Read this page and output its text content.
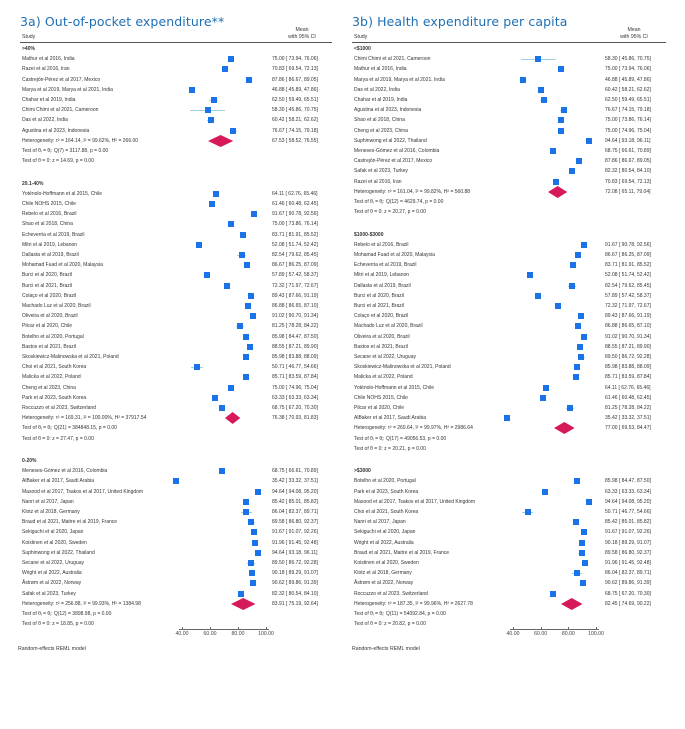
3a) Out-of-pocket expenditure**
Study
Mean
with 95% CI
>40%
Mathur et al 2016, India	75.00 [ 73.94, 76.06]
Razei et al 2016, Iran	70.83 [ 69.54, 72.13]
Castrejón-Pérez et al 2017, Mexico	87.86 [ 86.67, 89.05]
Marya et al 2019, Marya et al 2021, India	46.88 [ 45.89, 47.86]
Chahar et al 2019, India	62.50 [ 59.49, 65.51]
Chimi Chimi et al 2021, Cameroon	58.30 [ 45.86, 70.75]
Das et al 2022, India	60.42 [ 58.21, 62.62]
Agustina et al 2023, Indonesia	76.67 [ 74.15, 79.18]
Heterogeneity: τ² = 164.14, I² = 99.62%, H² = 266.00	67.53 [ 58.52, 76.55]
Test of θᵢ = θⱼ: Q(7) = 3117.88, p = 0.00
Test of θ = 0: z = 14.69, p = 0.00
20.1-40%
Yoténolo-Hoffmann et al 2015, Chile	64.11 [ 62.76, 65.46]
Chile NOHS 2015, Chile	61.46 [ 60.48, 62.45]
Rebelo et al 2016, Brazil	91.67 [ 90.78, 92.56]
Shao et al 2018, China	75.00 [ 73.86, 76.14]
Echeverria et al 2019, Brazil	83.71 [ 81.91, 85.52]
Mitri et al 2019, Lebanon	52.08 [ 51.74, 52.42]
Dallasta et al 2019, Brazil	82.54 [ 79.62, 85.45]
Mohamad Fuad et al 2020, Malaysia	86.67 [ 86.25, 87.09]
Burci et al 2020, Brazil	57.89 [ 57.42, 58.37]
Burci et al 2021, Brazil	72.32 [ 71.97, 72.67]
Colaço et al 2020, Brazil	89.43 [ 87.66, 91.19]
Machado Luz et al 2020, Brazil	86.88 [ 86.65, 87.10]
Oliveira et al 2020, Brazil	91.02 [ 90.70, 91.34]
Pilcar et al 2020, Chile	81.25 [ 78.28, 84.22]
Botelho et al 2020, Portugal	85.98 [ 84.47, 87.50]
Bastos et al 2021, Brazil	88.55 [ 87.21, 89.90]
Skoskiewicz-Malinowska et al 2021, Poland	85.98 [ 83.88, 88.09]
Choi et al 2021, South Korea	50.71 [ 46.77, 54.66]
Malicka et al 2022, Poland	85.71 [ 83.59, 87.84]
Cheng et al 2023, China	75.00 [ 74.96, 75.04]
Park et al 2023, South Korea	63.33 [ 63.33, 63.34]
Roccuzzo et al 2023, Switzerland	68.75 [ 67.20, 70.30]
Heterogeneity: τ² = 169.31, I² = 100.00%, H² = 37917.54	76.38 [ 70.93, 81.83]
Test of θᵢ = θⱼ: Q(21) = 384848.15, p = 0.00
Test of θ = 0: z = 27.47, p = 0.00
0-20%
Meneses-Gómez et al 2016, Colombia	68.75 [ 66.61, 70.89]
AlBaker et al 2017, Saudi Arabia	35.42 [ 33.32, 37.51]
Masood et al 2017, Tsakos et al 2017, United Kingdom	94.64 [ 94.08, 95.20]
Nanri et al 2017, Japan	85.42 [ 85.01, 85.82]
Klotz et al 2018, Germany	86.04 [ 82.37, 89.71]
Braud et al 2021, Maitre et al 2019, France	89.58 [ 86.80, 92.37]
Sekiguchi et al 2020, Japan	91.67 [ 91.07, 92.26]
Koistinen et al 2020, Sweden	91.96 [ 91.45, 92.48]
Suphinwong et al 2022, Thailand	94.64 [ 93.18, 96.11]
Secane et al 2022, Uruguay	89.50 [ 86.72, 92.28]
Wright et al 2022, Australia	90.18 [ 89.29, 91.07]
Åstrøm et al 2022, Norway	90.62 [ 89.86, 91.39]
Safak et al 2023, Turkey	82.32 [ 80.54, 84.10]
Heterogeneity: τ² = 256.88, I² = 99.93%, H² = 1384.98	83.91 [ 75.19, 92.64]
Test of θᵢ = θⱼ: Q(12) = 3898.98, p = 0.00
Test of θ = 0: z = 18.85, p = 0.00
40.00	60.00	80.00	100.00
Random-effects REML model
3b) Health expenditure per capita
Study
Mean
with 95% CI
<$1000
Chimi Chimi et al 2021, Cameroon	58.30 [ 45.86, 70.75]
Mathur et al 2016, India	75.00 [ 73.94, 76.06]
Marya et al 2019, Marya et al 2021, India	46.88 [ 45.89, 47.86]
Das et al 2022, India	60.42 [ 58.21, 62.62]
Chahar et al 2019, India	62.50 [ 59.49, 65.51]
Agustina et al 2023, Indonesia	76.67 [ 74.15, 79.18]
Shao et al 2018, China	75.00 [ 73.86, 76.14]
Cheng et al 2023, China	75.00 [ 74.96, 75.04]
Suphinwong et al 2022, Thailand	94.64 [ 93.18, 96.11]
Meneses-Gómez et al 2016, Colombia	68.75 [ 66.61, 70.89]
Castrejón-Pérez et al 2017, Mexico	87.86 [ 86.67, 89.05]
Safak et al 2023, Turkey	82.32 [ 80.54, 84.10]
Razei et al 2016, Iran	70.83 [ 69.54, 72.13]
Heterogeneity: τ² = 161.04, I² = 99.82%, H² = 560.88	72.08 [ 65.11, 79.04]
Test of θᵢ = θⱼ: Q(12) = 4629.74, p = 0.00
Test of θ = 0: z = 20.27, p = 0.00
$1000-$3000
Rebelo et al 2016, Brazil	91.67 [ 90.78, 92.56]
Mohamad Fuad et al 2020, Malaysia	86.67 [ 86.25, 87.09]
Echeverria et al 2019, Brazil	83.71 [ 81.91, 85.52]
Mitri et al 2019, Lebanon	52.08 [ 51.74, 52.42]
Dallasta et al 2019, Brazil	82.54 [ 79.62, 85.45]
Burci et al 2020, Brazil	57.89 [ 57.42, 58.37]
Burci et al 2021, Brazil	72.32 [ 71.97, 72.67]
Colaço et al 2020, Brazil	89.43 [ 87.66, 91.19]
Machado Luz et al 2020, Brazil	86.88 [ 86.65, 87.10]
Oliveira et al 2020, Brazil	91.02 [ 90.70, 91.34]
Bastos et al 2021, Brazil	88.55 [ 87.21, 89.90]
Secane et al 2022, Uruguay	89.50 [ 86.72, 92.28]
Skoskiewicz-Malinowska et al 2021, Poland	85.98 [ 83.88, 88.09]
Malicka et al 2022, Poland	85.71 [ 83.59, 87.84]
Yoténolo-Hoffmann et al 2015, Chile	64.11 [ 62.76, 65.46]
Chile NOHS 2015, Chile	61.46 [ 60.48, 62.45]
Pilcar et al 2020, Chile	81.25 [ 78.28, 84.22]
AlBaker et al 2017, Saudi Arabia	35.42 [ 33.32, 37.51]
Heterogeneity: τ² = 260.64, I² = 99.97%, H² = 2986.64	77.00 [ 69.53, 84.47]
Test of θᵢ = θⱼ: Q(17) = 49056.53, p = 0.00
Test of θ = 0: z = 20.21, p = 0.00
>$3000
Botelho et al 2020, Portugal	85.98 [ 84.47, 87.50]
Park et al 2023, South Korea	63.33 [ 63.33, 63.34]
Masood et al 2017, Tsakos et al 2017, United Kingdom	94.64 [ 94.08, 95.20]
Choi et al 2021, South Korea	50.71 [ 46.77, 54.66]
Nanri et al 2017, Japan	85.42 [ 85.01, 85.82]
Sekiguchi et al 2020, Japan	91.67 [ 91.07, 92.26]
Wright et al 2022, Australia	90.18 [ 89.29, 91.07]
Braud et al 2021, Maitre et al 2019, France	89.58 [ 86.80, 92.37]
Koistinen et al 2020, Sweden	91.96 [ 91.45, 92.48]
Klotz et al 2018, Germany	86.04 [ 82.37, 89.71]
Åstrøm et al 2022, Norway	90.62 [ 89.86, 91.39]
Roccuzzo et al 2023, Switzerland	68.75 [ 67.20, 70.30]
Heterogeneity: τ² = 187.35, I² = 99.96%, H² = 2627.78	82.45 [ 74.69, 90.22]
Test of θᵢ = θⱼ: Q(11) = 54092.84, p = 0.00
Test of θ = 0: z = 20.82, p = 0.00
40.00	60.00	80.00	100.00
Random-effects REML model
